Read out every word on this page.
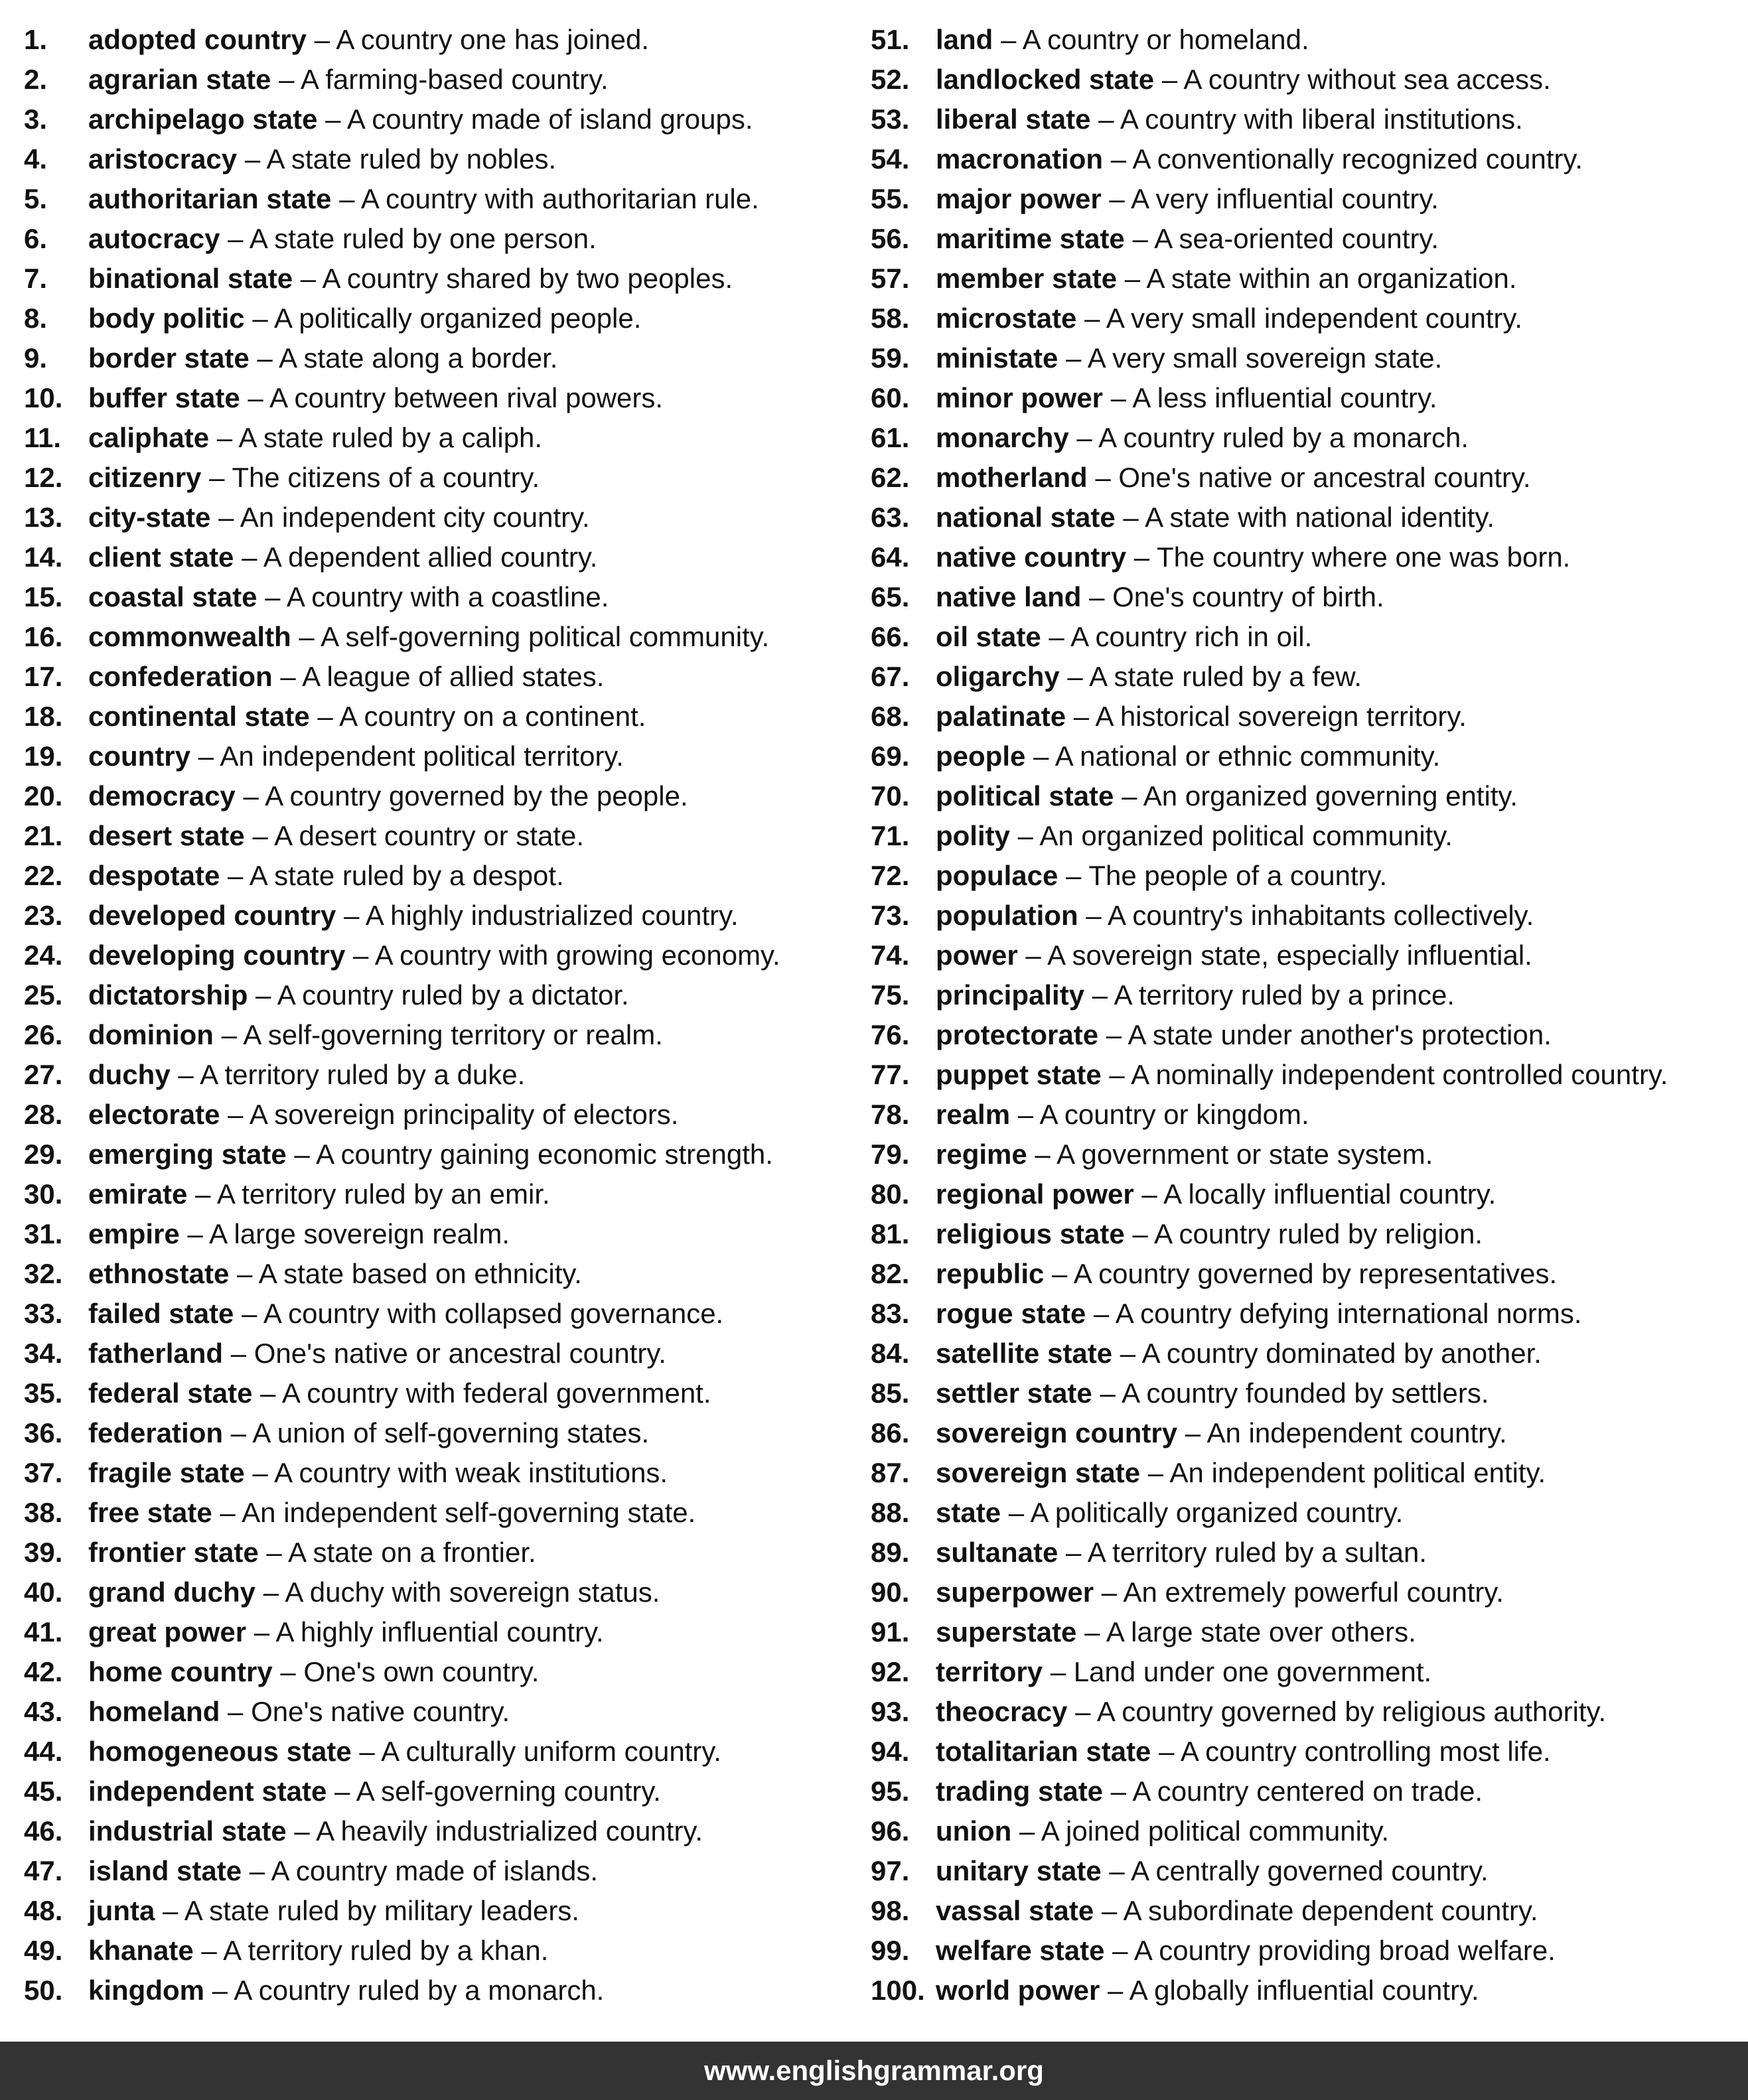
1. adopted country – A country one has joined.
2. agrarian state – A farming-based country.
3. archipelago state – A country made of island groups.
4. aristocracy – A state ruled by nobles.
5. authoritarian state – A country with authoritarian rule.
6. autocracy – A state ruled by one person.
7. binational state – A country shared by two peoples.
8. body politic – A politically organized people.
9. border state – A state along a border.
10. buffer state – A country between rival powers.
11. caliphate – A state ruled by a caliph.
12. citizenry – The citizens of a country.
13. city-state – An independent city country.
14. client state – A dependent allied country.
15. coastal state – A country with a coastline.
16. commonwealth – A self-governing political community.
17. confederation – A league of allied states.
18. continental state – A country on a continent.
19. country – An independent political territory.
20. democracy – A country governed by the people.
21. desert state – A desert country or state.
22. despotate – A state ruled by a despot.
23. developed country – A highly industrialized country.
24. developing country – A country with growing economy.
25. dictatorship – A country ruled by a dictator.
26. dominion – A self-governing territory or realm.
27. duchy – A territory ruled by a duke.
28. electorate – A sovereign principality of electors.
29. emerging state – A country gaining economic strength.
30. emirate – A territory ruled by an emir.
31. empire – A large sovereign realm.
32. ethnostate – A state based on ethnicity.
33. failed state – A country with collapsed governance.
34. fatherland – One's native or ancestral country.
35. federal state – A country with federal government.
36. federation – A union of self-governing states.
37. fragile state – A country with weak institutions.
38. free state – An independent self-governing state.
39. frontier state – A state on a frontier.
40. grand duchy – A duchy with sovereign status.
41. great power – A highly influential country.
42. home country – One's own country.
43. homeland – One's native country.
44. homogeneous state – A culturally uniform country.
45. independent state – A self-governing country.
46. industrial state – A heavily industrialized country.
47. island state – A country made of islands.
48. junta – A state ruled by military leaders.
49. khanate – A territory ruled by a khan.
50. kingdom – A country ruled by a monarch.
51. land – A country or homeland.
52. landlocked state – A country without sea access.
53. liberal state – A country with liberal institutions.
54. macronation – A conventionally recognized country.
55. major power – A very influential country.
56. maritime state – A sea-oriented country.
57. member state – A state within an organization.
58. microstate – A very small independent country.
59. ministate – A very small sovereign state.
60. minor power – A less influential country.
61. monarchy – A country ruled by a monarch.
62. motherland – One's native or ancestral country.
63. national state – A state with national identity.
64. native country – The country where one was born.
65. native land – One's country of birth.
66. oil state – A country rich in oil.
67. oligarchy – A state ruled by a few.
68. palatinate – A historical sovereign territory.
69. people – A national or ethnic community.
70. political state – An organized governing entity.
71. polity – An organized political community.
72. populace – The people of a country.
73. population – A country's inhabitants collectively.
74. power – A sovereign state, especially influential.
75. principality – A territory ruled by a prince.
76. protectorate – A state under another's protection.
77. puppet state – A nominally independent controlled country.
78. realm – A country or kingdom.
79. regime – A government or state system.
80. regional power – A locally influential country.
81. religious state – A country ruled by religion.
82. republic – A country governed by representatives.
83. rogue state – A country defying international norms.
84. satellite state – A country dominated by another.
85. settler state – A country founded by settlers.
86. sovereign country – An independent country.
87. sovereign state – An independent political entity.
88. state – A politically organized country.
89. sultanate – A territory ruled by a sultan.
90. superpower – An extremely powerful country.
91. superstate – A large state over others.
92. territory – Land under one government.
93. theocracy – A country governed by religious authority.
94. totalitarian state – A country controlling most life.
95. trading state – A country centered on trade.
96. union – A joined political community.
97. unitary state – A centrally governed country.
98. vassal state – A subordinate dependent country.
99. welfare state – A country providing broad welfare.
100. world power – A globally influential country.
www.englishgrammar.org
